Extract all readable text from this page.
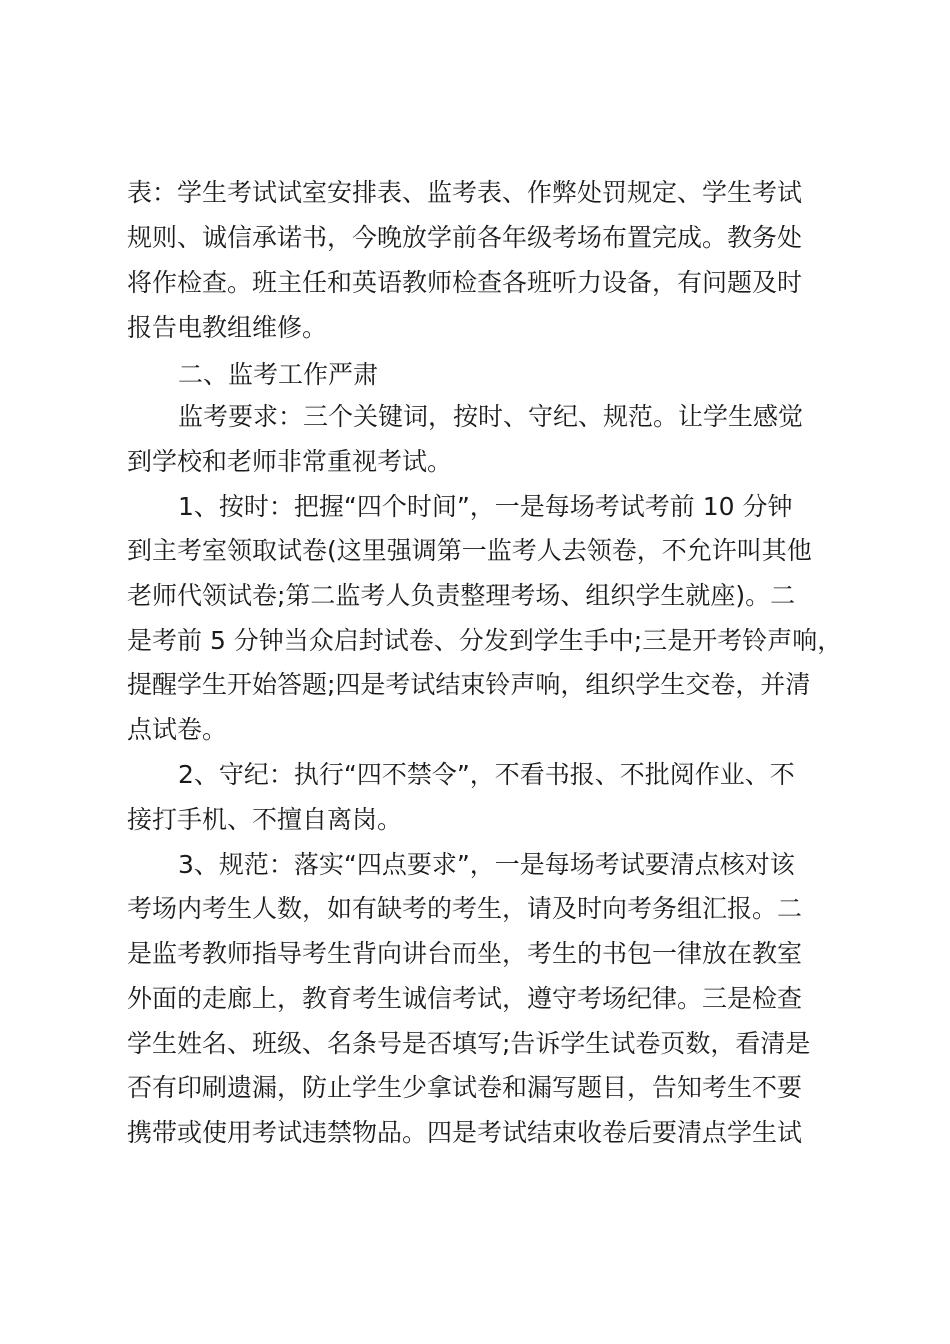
表：学生考试试室安排表、监考表、作弊处罚规定、学生考试
规则、诚信承诺书，今晚放学前各年级考场布置完成。教务处
将作检查。班主任和英语教师检查各班听力设备，有问题及时
报告电教组维修。
二、监考工作严肃
监考要求：三个关键词，按时、守纪、规范。让学生感觉
到学校和老师非常重视考试。
1、按时：把握“四个时间”，一是每场考试考前 10 分钟
到主考室领取试卷(这里强调第一监考人去领卷，不允许叫其他
老师代领试卷;第二监考人负责整理考场、组织学生就座)。二
是考前 5 分钟当众启封试卷、分发到学生手中;三是开考铃声响，
提醒学生开始答题;四是考试结束铃声响，组织学生交卷，并清
点试卷。
2、守纪：执行“四不禁令”，不看书报、不批阅作业、不
接打手机、不擅自离岗。
3、规范：落实“四点要求”，一是每场考试要清点核对该
考场内考生人数，如有缺考的考生，请及时向考务组汇报。二
是监考教师指导考生背向讲台而坐，考生的书包一律放在教室
外面的走廊上，教育考生诚信考试，遵守考场纪律。三是检查
学生姓名、班级、名条号是否填写;告诉学生试卷页数，看清是
否有印刷遗漏，防止学生少拿试卷和漏写题目，告知考生不要
携带或使用考试违禁物品。四是考试结束收卷后要清点学生试
